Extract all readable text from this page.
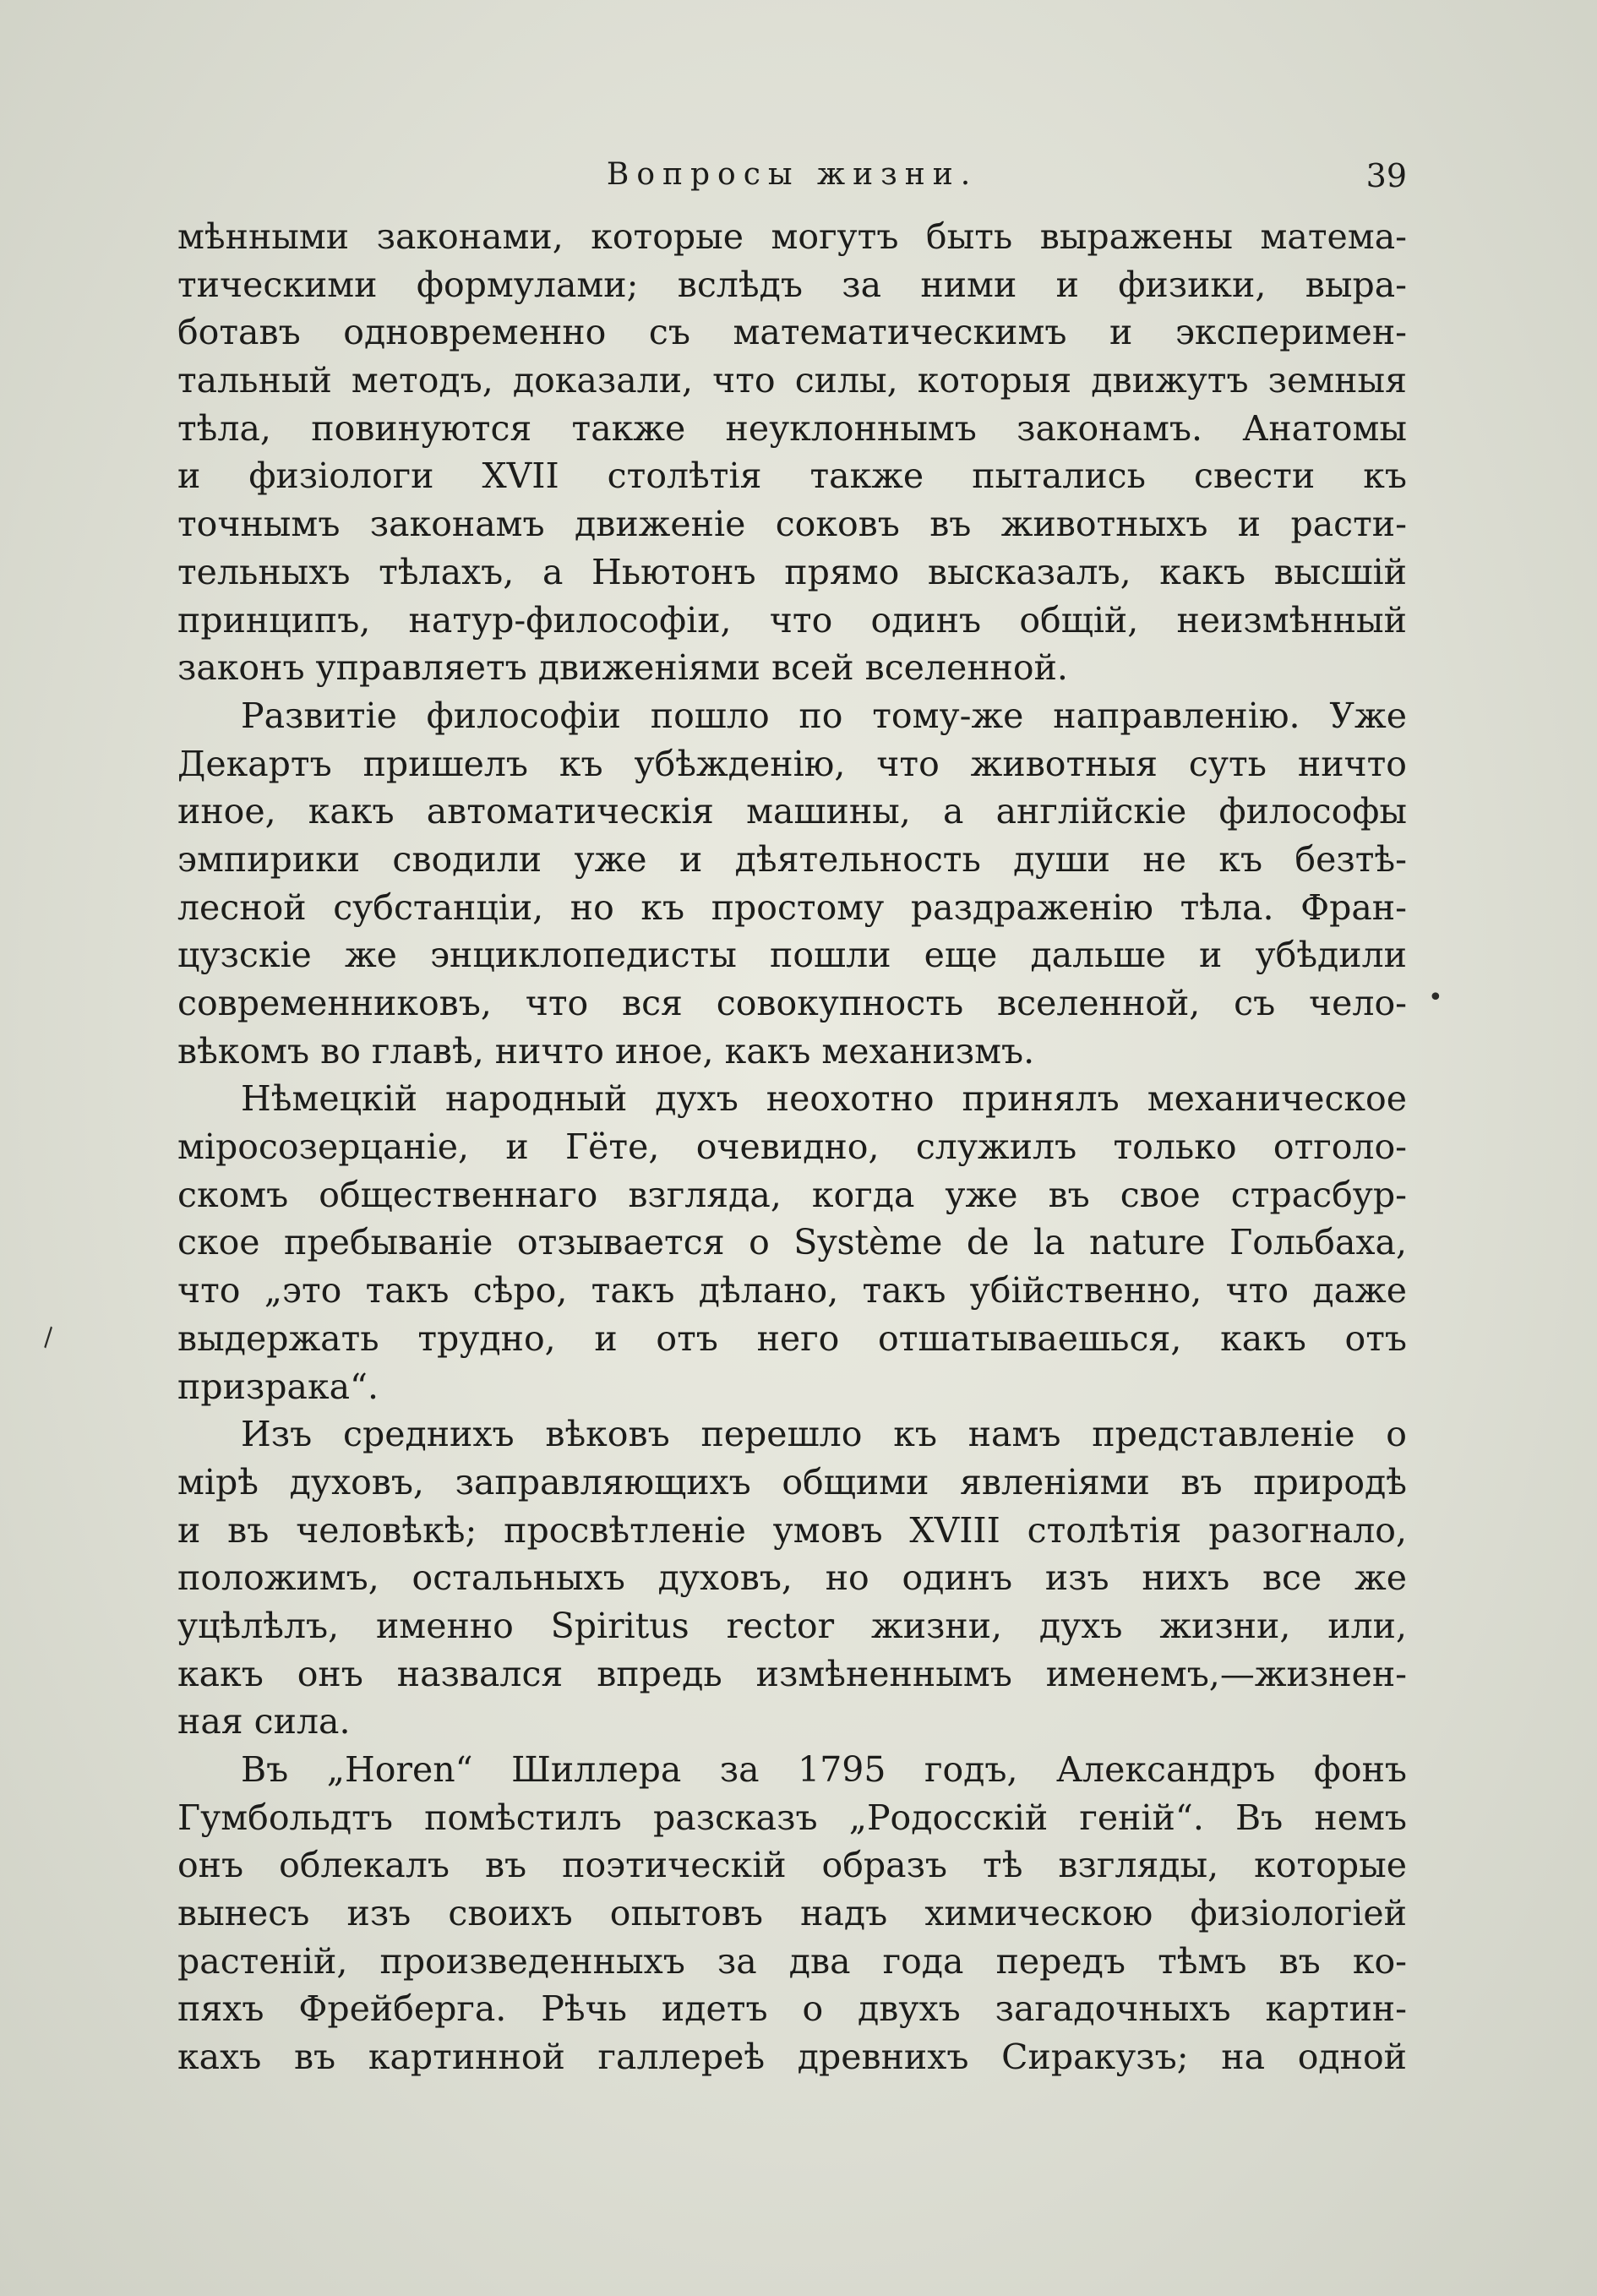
Вопросы жизни.	39
мѣнными законами, которые могутъ быть выражены матема-
тическими формулами; вслѣдъ за ними и физики, выра-
ботавъ одновременно съ математическимъ и эксперимен-
тальный методъ, доказали, что силы, которыя движутъ земныя
тѣла, повинуются также неуклоннымъ законамъ. Анатомы
и физіологи XVII столѣтія также пытались свести къ
точнымъ законамъ движеніе соковъ въ животныхъ и расти-
тельныхъ тѣлахъ, а Ньютонъ прямо высказалъ, какъ высшій
принципъ, натур-философіи, что одинъ общій, неизмѣнный
законъ управляетъ движеніями всей вселенной.
Развитіе философіи пошло по тому-же направленію. Уже
Декартъ пришелъ къ убѣжденію, что животныя суть ничто
иное, какъ автоматическія машины, а англійскіе философы
эмпирики сводили уже и дѣятельность души не къ безтѣ-
лесной субстанціи, но къ простому раздраженію тѣла. Фран-
цузскіе же энциклопедисты пошли еще дальше и убѣдили
современниковъ, что вся совокупность вселенной, съ чело-
вѣкомъ во главѣ, ничто иное, какъ механизмъ.
Нѣмецкій народный духъ неохотно принялъ механическое
міросозерцаніе, и Гёте, очевидно, служилъ только отголо-
скомъ общественнаго взгляда, когда уже въ свое страсбур-
ское пребываніе отзывается о Système de la nature Гольбаха,
что „это такъ сѣро, такъ дѣлано, такъ убійственно, что даже
выдержать трудно, и отъ него отшатываешься, какъ отъ
призрака“.
Изъ среднихъ вѣковъ перешло къ намъ представленіе о
мірѣ духовъ, заправляющихъ общими явленіями въ природѣ
и въ человѣкѣ; просвѣтленіе умовъ XVIII столѣтія разогнало,
положимъ, остальныхъ духовъ, но одинъ изъ нихъ все же
уцѣлѣлъ, именно Spiritus rector жизни, духъ жизни, или,
какъ онъ назвался впредь измѣненнымъ именемъ,—жизнен-
ная сила.
Въ „Horen“ Шиллера за 1795 годъ, Александръ фонъ
Гумбольдтъ помѣстилъ разсказъ „Родосскій геній“. Въ немъ
онъ облекалъ въ поэтическій образъ тѣ взгляды, которые
вынесъ изъ своихъ опытовъ надъ химическою физіологіей
растеній, произведенныхъ за два года передъ тѣмъ въ ко-
пяхъ Фрейберга. Рѣчь идетъ о двухъ загадочныхъ картин-
кахъ въ картинной галлереѣ древнихъ Сиракузъ; на одной
•
\
